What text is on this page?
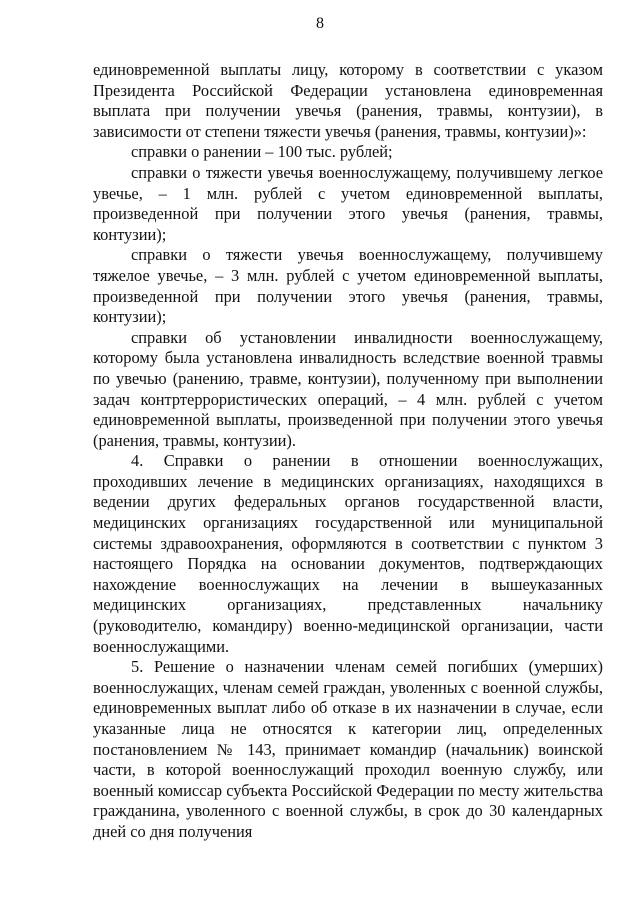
8

единовременной выплаты лицу, которому в соответствии с указом Президента Российской Федерации установлена единовременная выплата при получении увечья (ранения, травмы, контузии), в зависимости от степени тяжести увечья (ранения, травмы, контузии)»:

справки о ранении – 100 тыс. рублей;

справки о тяжести увечья военнослужащему, получившему легкое увечье, – 1 млн. рублей с учетом единовременной выплаты, произведенной при получении этого увечья (ранения, травмы, контузии);

справки о тяжести увечья военнослужащему, получившему тяжелое увечье, – 3 млн. рублей с учетом единовременной выплаты, произведенной при получении этого увечья (ранения, травмы, контузии);

справки об установлении инвалидности военнослужащему, которому была установлена инвалидность вследствие военной травмы по увечью (ранению, травме, контузии), полученному при выполнении задач контртеррористических операций, – 4 млн. рублей с учетом единовременной выплаты, произведенной при получении этого увечья (ранения, травмы, контузии).

4. Справки о ранении в отношении военнослужащих, проходивших лечение в медицинских организациях, находящихся в ведении других федеральных органов государственной власти, медицинских организациях государственной или муниципальной системы здравоохранения, оформляются в соответствии с пунктом 3 настоящего Порядка на основании документов, подтверждающих нахождение военнослужащих на лечении в вышеуказанных медицинских организациях, представленных начальнику (руководителю, командиру) военно-медицинской организации, части военнослужащими.

5. Решение о назначении членам семей погибших (умерших) военнослужащих, членам семей граждан, уволенных с военной службы, единовременных выплат либо об отказе в их назначении в случае, если указанные лица не относятся к категории лиц, определенных постановлением № 143, принимает командир (начальник) воинской части, в которой военнослужащий проходил военную службу, или военный комиссар субъекта Российской Федерации по месту жительства гражданина, уволенного с военной службы, в срок до 30 календарных дней со дня получения
